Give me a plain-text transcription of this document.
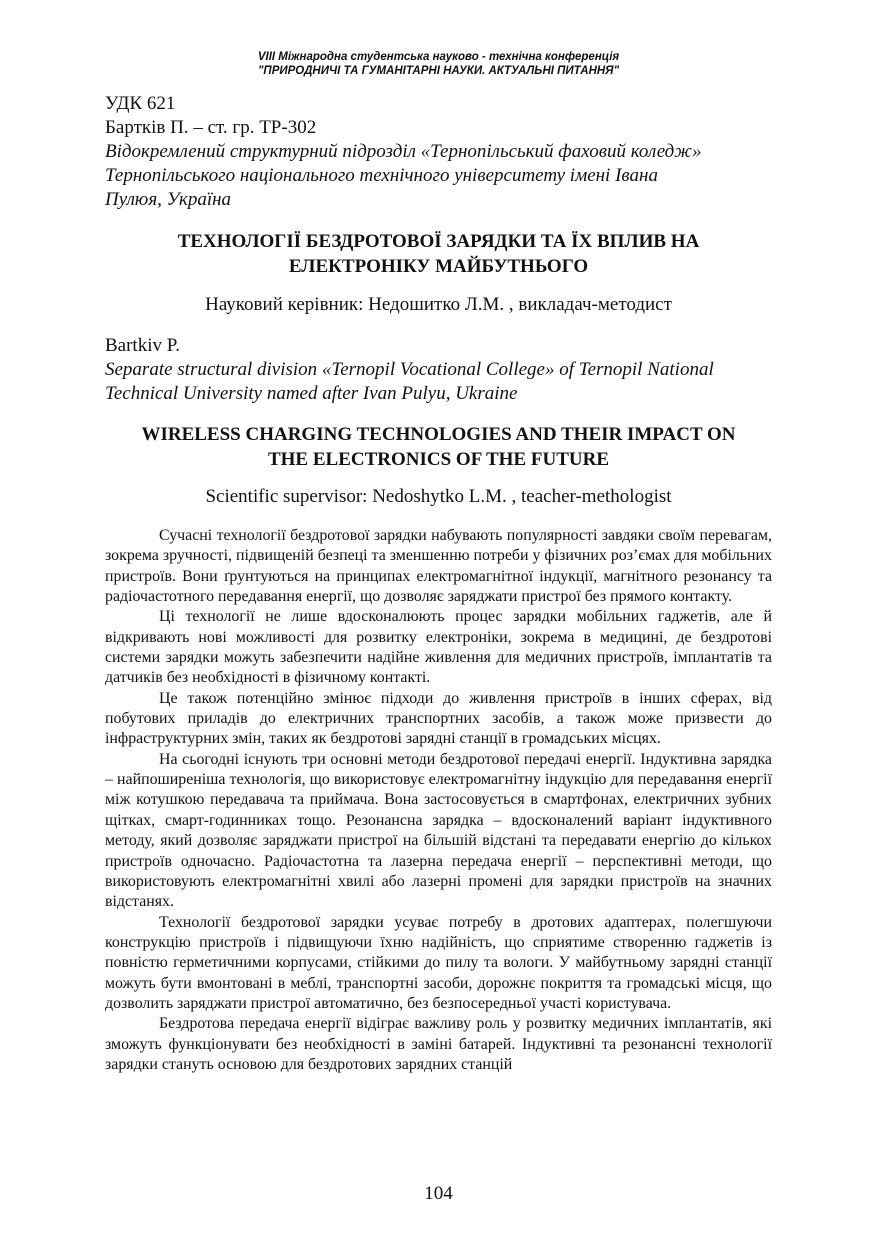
VIII Міжнародна студентська науково - технічна конференція
"ПРИРОДНИЧІ ТА ГУМАНІТАРНІ НАУКИ. АКТУАЛЬНІ ПИТАННЯ"
УДК 621
Бартків П. – ст. гр. ТР-302
Відокремлений структурний підрозділ «Тернопільський фаховий коледж»
Тернопільського національного технічного університету імені Івана
Пулюя, Україна
ТЕХНОЛОГІЇ БЕЗДРОТОВОЇ ЗАРЯДКИ ТА ЇХ ВПЛИВ НА
ЕЛЕКТРОНІКУ МАЙБУТНЬОГО
Науковий керівник: Недошитко Л.М. , викладач-методист
Bartkiv P.
Separate structural division «Ternopil Vocational College» of Ternopil National
Technical University named after Ivan Pulyu, Ukraine
WIRELESS CHARGING TECHNOLOGIES AND THEIR IMPACT ON
THE ELECTRONICS OF THE FUTURE
Scientific supervisor: Nedoshytko L.M. , teacher-methologist

Сучасні технології бездротової зарядки набувають популярності завдяки своїм перевагам, зокрема зручності, підвищеній безпеці та зменшенню потреби у фізичних роз’ємах для мобільних пристроїв. Вони ґрунтуються на принципах електромагнітної індукції, магнітного резонансу та радіочастотного передавання енергії, що дозволяє заряджати пристрої без прямого контакту.

Ці технології не лише вдосконалюють процес зарядки мобільних гаджетів, але й відкривають нові можливості для розвитку електроніки, зокрема в медицині, де бездротові системи зарядки можуть забезпечити надійне живлення для медичних пристроїв, імплантатів та датчиків без необхідності в фізичному контакті.

Це також потенційно змінює підходи до живлення пристроїв в інших сферах, від побутових приладів до електричних транспортних засобів, а також може призвести до інфраструктурних змін, таких як бездротові зарядні станції в громадських місцях.

На сьогодні існують три основні методи бездротової передачі енергії. Індуктивна зарядка – найпоширеніша технологія, що використовує електромагнітну індукцію для передавання енергії між котушкою передавача та приймача. Вона застосовується в смартфонах, електричних зубних щітках, смарт-годинниках тощо. Резонансна зарядка – вдосконалений варіант індуктивного методу, який дозволяє заряджати пристрої на більшій відстані та передавати енергію до кількох пристроїв одночасно. Радіочастотна та лазерна передача енергії – перспективні методи, що використовують електромагнітні хвилі або лазерні промені для зарядки пристроїв на значних відстанях.

Технології бездротової зарядки усуває потребу в дротових адаптерах, полегшуючи конструкцію пристроїв і підвищуючи їхню надійність, що сприятиме створенню гаджетів із повністю герметичними корпусами, стійкими до пилу та вологи. У майбутньому зарядні станції можуть бути вмонтовані в меблі, транспортні засоби, дорожнє покриття та громадські місця, що дозволить заряджати пристрої автоматично, без безпосередньої участі користувача.

Бездротова передача енергії відіграє важливу роль у розвитку медичних імплантатів, які зможуть функціонувати без необхідності в заміні батарей. Індуктивні та резонансні технології зарядки стануть основою для бездротових зарядних станцій

104
